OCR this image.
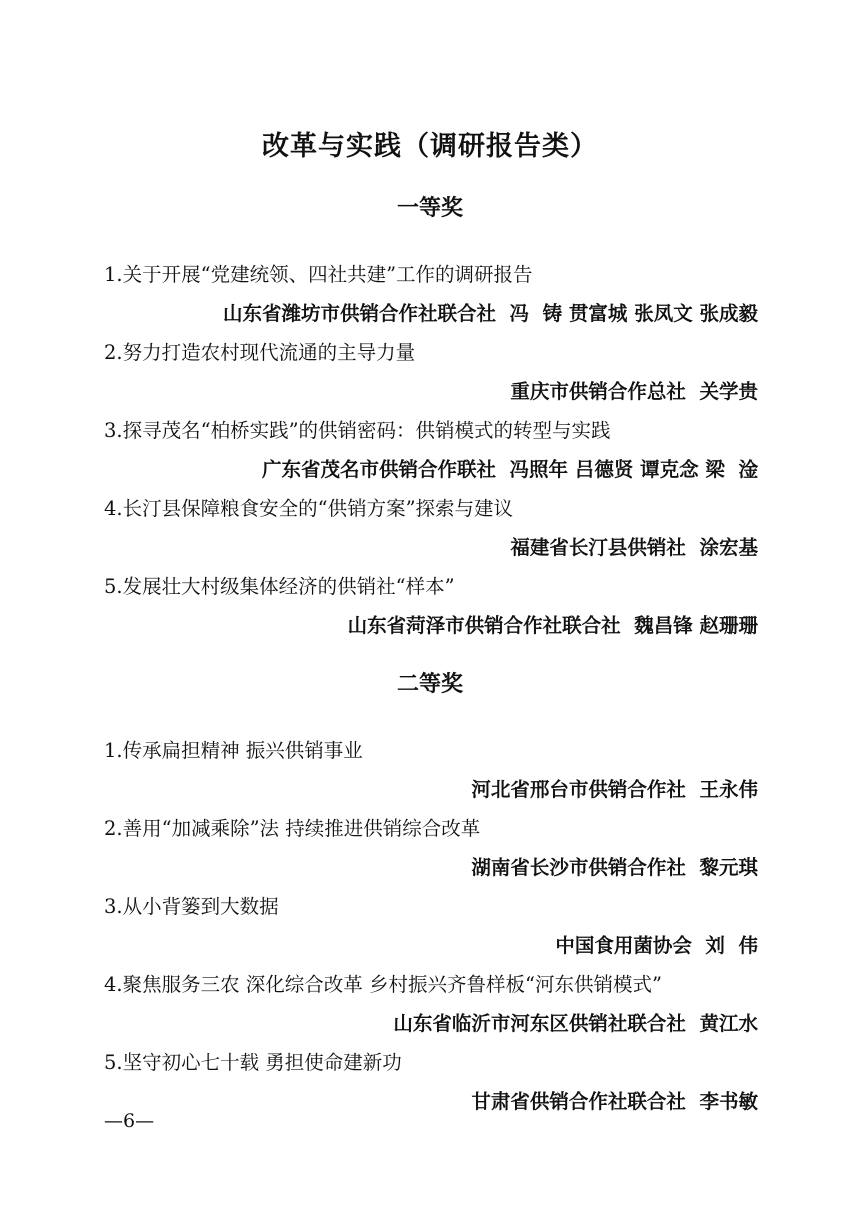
改革与实践（调研报告类）
一等奖
1.关于开展“党建统领、四社共建”工作的调研报告
山东省潍坊市供销合作社联合社  冯  铸 贯富城 张凤文 张成毅
2.努力打造农村现代流通的主导力量
重庆市供销合作总社  关学贵
3.探寻茂名“柏桥实践”的供销密码：供销模式的转型与实践
广东省茂名市供销合作联社  冯照年 吕德贤 谭克念 梁  淦
4.长汀县保障粮食安全的“供销方案”探索与建议
福建省长汀县供销社  涂宏基
5.发展壮大村级集体经济的供销社“样本”
山东省菏泽市供销合作社联合社  魏昌锋 赵珊珊
二等奖
1.传承扁担精神 振兴供销事业
河北省邢台市供销合作社  王永伟
2.善用“加减乘除”法 持续推进供销综合改革
湖南省长沙市供销合作社  黎元琪
3.从小背篓到大数据
中国食用菌协会  刘  伟
4.聚焦服务三农 深化综合改革 乡村振兴齐鲁样板“河东供销模式”
山东省临沂市河东区供销社联合社  黄江水
5.坚守初心七十载 勇担使命建新功
甘肃省供销合作社联合社  李书敏
—6—
